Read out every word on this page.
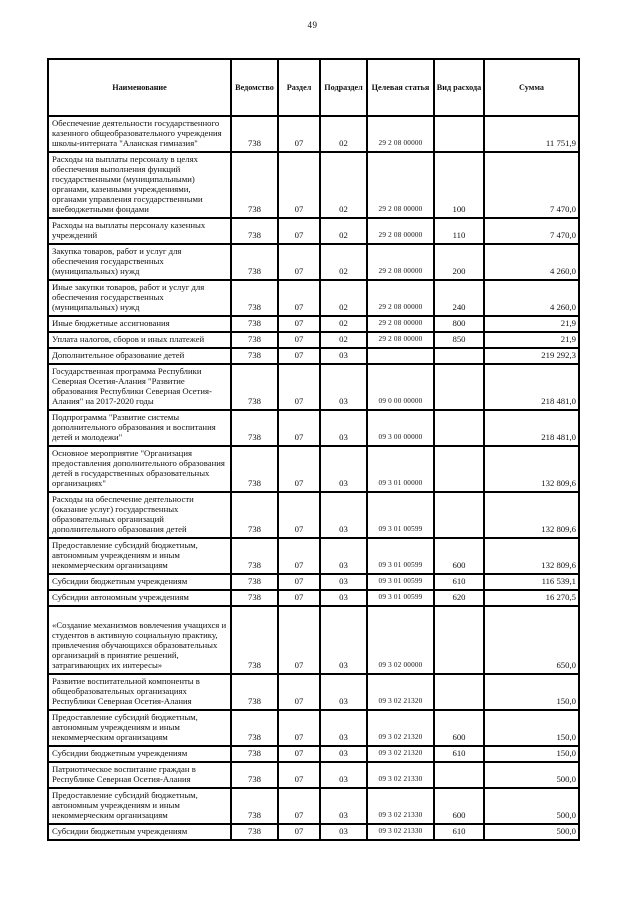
49
Наименование	Ведомство	Раздел	Подраздел	Целевая статья	Вид расхода	Сумма
Обеспечение деятельности государственного казенного общеобразовательного учреждения школы-интерната "Аланская гимназия"	738	07	02	29 2 08 00000		11 751,9
Расходы на выплаты персоналу в целях обеспечения выполнения функций государственными (муниципальными) органами, казенными учреждениями, органами управления государственными внебюджетными фондами	738	07	02	29 2 08 00000	100	7 470,0
Расходы на выплаты персоналу казенных учреждений	738	07	02	29 2 08 00000	110	7 470,0
Закупка товаров, работ и услуг для обеспечения государственных (муниципальных) нужд	738	07	02	29 2 08 00000	200	4 260,0
Иные закупки товаров, работ и услуг для обеспечения государственных (муниципальных) нужд	738	07	02	29 2 08 00000	240	4 260,0
Иные бюджетные ассигнования	738	07	02	29 2 08 00000	800	21,9
Уплата налогов, сборов и иных платежей	738	07	02	29 2 08 00000	850	21,9
Дополнительное образование детей	738	07	03			219 292,3
Государственная программа Республики Северная Осетия-Алания "Развитие образования Республики Северная Осетия-Алания" на 2017-2020 годы	738	07	03	09 0 00 00000		218 481,0
Подпрограмма "Развитие системы дополнительного образования и воспитания детей и молодежи"	738	07	03	09 3 00 00000		218 481,0
Основное мероприятие "Организация предоставления дополнительного образования детей в государственных образовательных организациях"	738	07	03	09 3 01 00000		132 809,6
Расходы на обеспечение деятельности (оказание услуг) государственных образовательных организаций дополнительного образования детей	738	07	03	09 3 01 00599		132 809,6
Предоставление субсидий бюджетным, автономным учреждениям и иным некоммерческим организациям	738	07	03	09 3 01 00599	600	132 809,6
Субсидии бюджетным учреждениям	738	07	03	09 3 01 00599	610	116 539,1
Субсидии автономным учреждениям	738	07	03	09 3 01 00599	620	16 270,5
«Создание механизмов вовлечения учащихся и студентов в активную социальную практику, привлечения обучающихся образовательных организаций в принятие решений, затрагивающих их интересы»	738	07	03	09 3 02 00000		650,0
Развитие воспитательной компоненты в общеобразовательных организациях Республики Северная Осетия-Алания	738	07	03	09 3 02 21320		150,0
Предоставление субсидий бюджетным, автономным учреждениям и иным некоммерческим организациям	738	07	03	09 3 02 21320	600	150,0
Субсидии бюджетным учреждениям	738	07	03	09 3 02 21320	610	150,0
Патриотическое воспитание граждан в Республике Северная Осетия-Алания	738	07	03	09 3 02 21330		500,0
Предоставление субсидий бюджетным, автономным учреждениям и иным некоммерческим организациям	738	07	03	09 3 02 21330	600	500,0
Субсидии бюджетным учреждениям	738	07	03	09 3 02 21330	610	500,0
